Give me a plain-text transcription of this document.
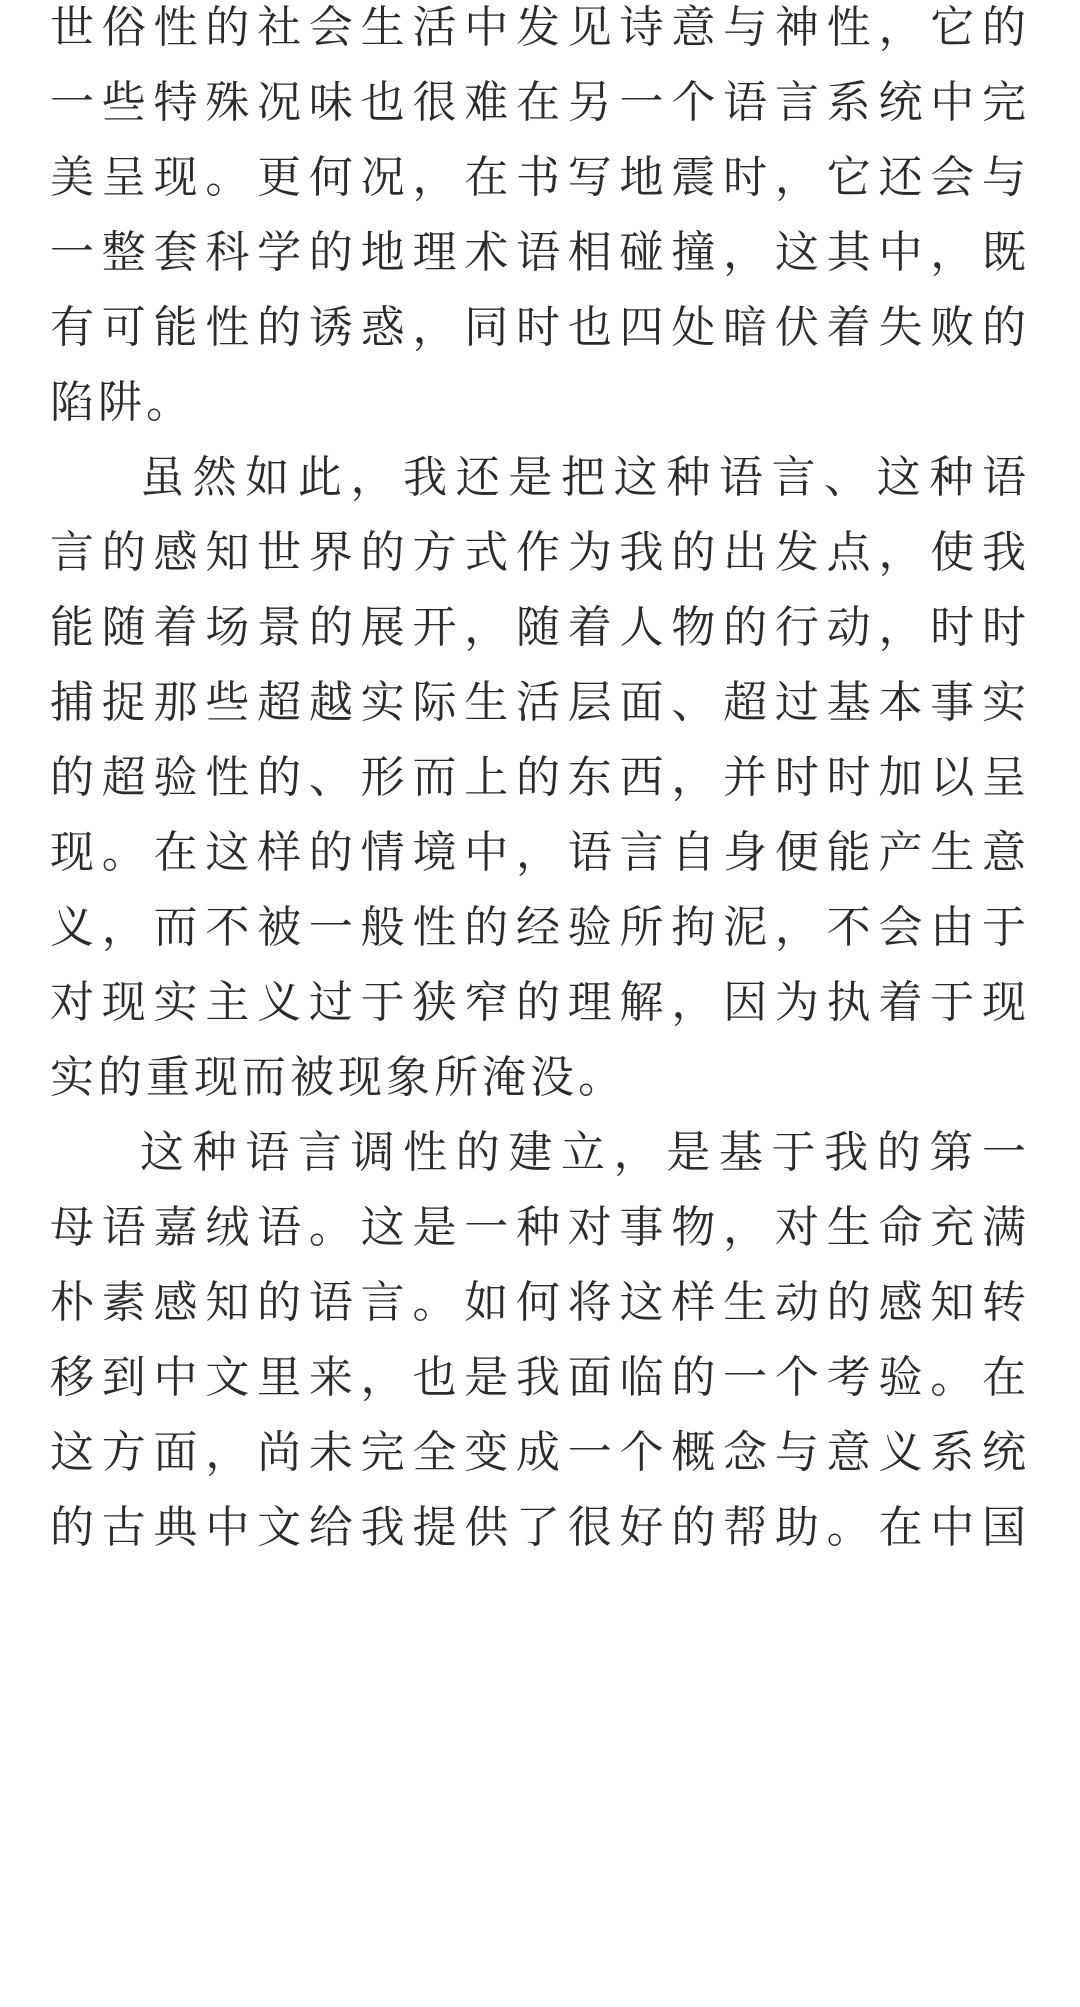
世俗性的社会生活中发见诗意与神性，它的
一些特殊况味也很难在另一个语言系统中完
美呈现。更何况，在书写地震时，它还会与
一整套科学的地理术语相碰撞，这其中，既
有可能性的诱惑，同时也四处暗伏着失败的
陷阱。
虽然如此，我还是把这种语言、这种语
言的感知世界的方式作为我的出发点，使我
能随着场景的展开，随着人物的行动，时时
捕捉那些超越实际生活层面、超过基本事实
的超验性的、形而上的东西，并时时加以呈
现。在这样的情境中，语言自身便能产生意
义，而不被一般性的经验所拘泥，不会由于
对现实主义过于狭窄的理解，因为执着于现
实的重现而被现象所淹没。
这种语言调性的建立，是基于我的第一
母语嘉绒语。这是一种对事物，对生命充满
朴素感知的语言。如何将这样生动的感知转
移到中文里来，也是我面临的一个考验。在
这方面，尚未完全变成一个概念与意义系统
的古典中文给我提供了很好的帮助。在中国
